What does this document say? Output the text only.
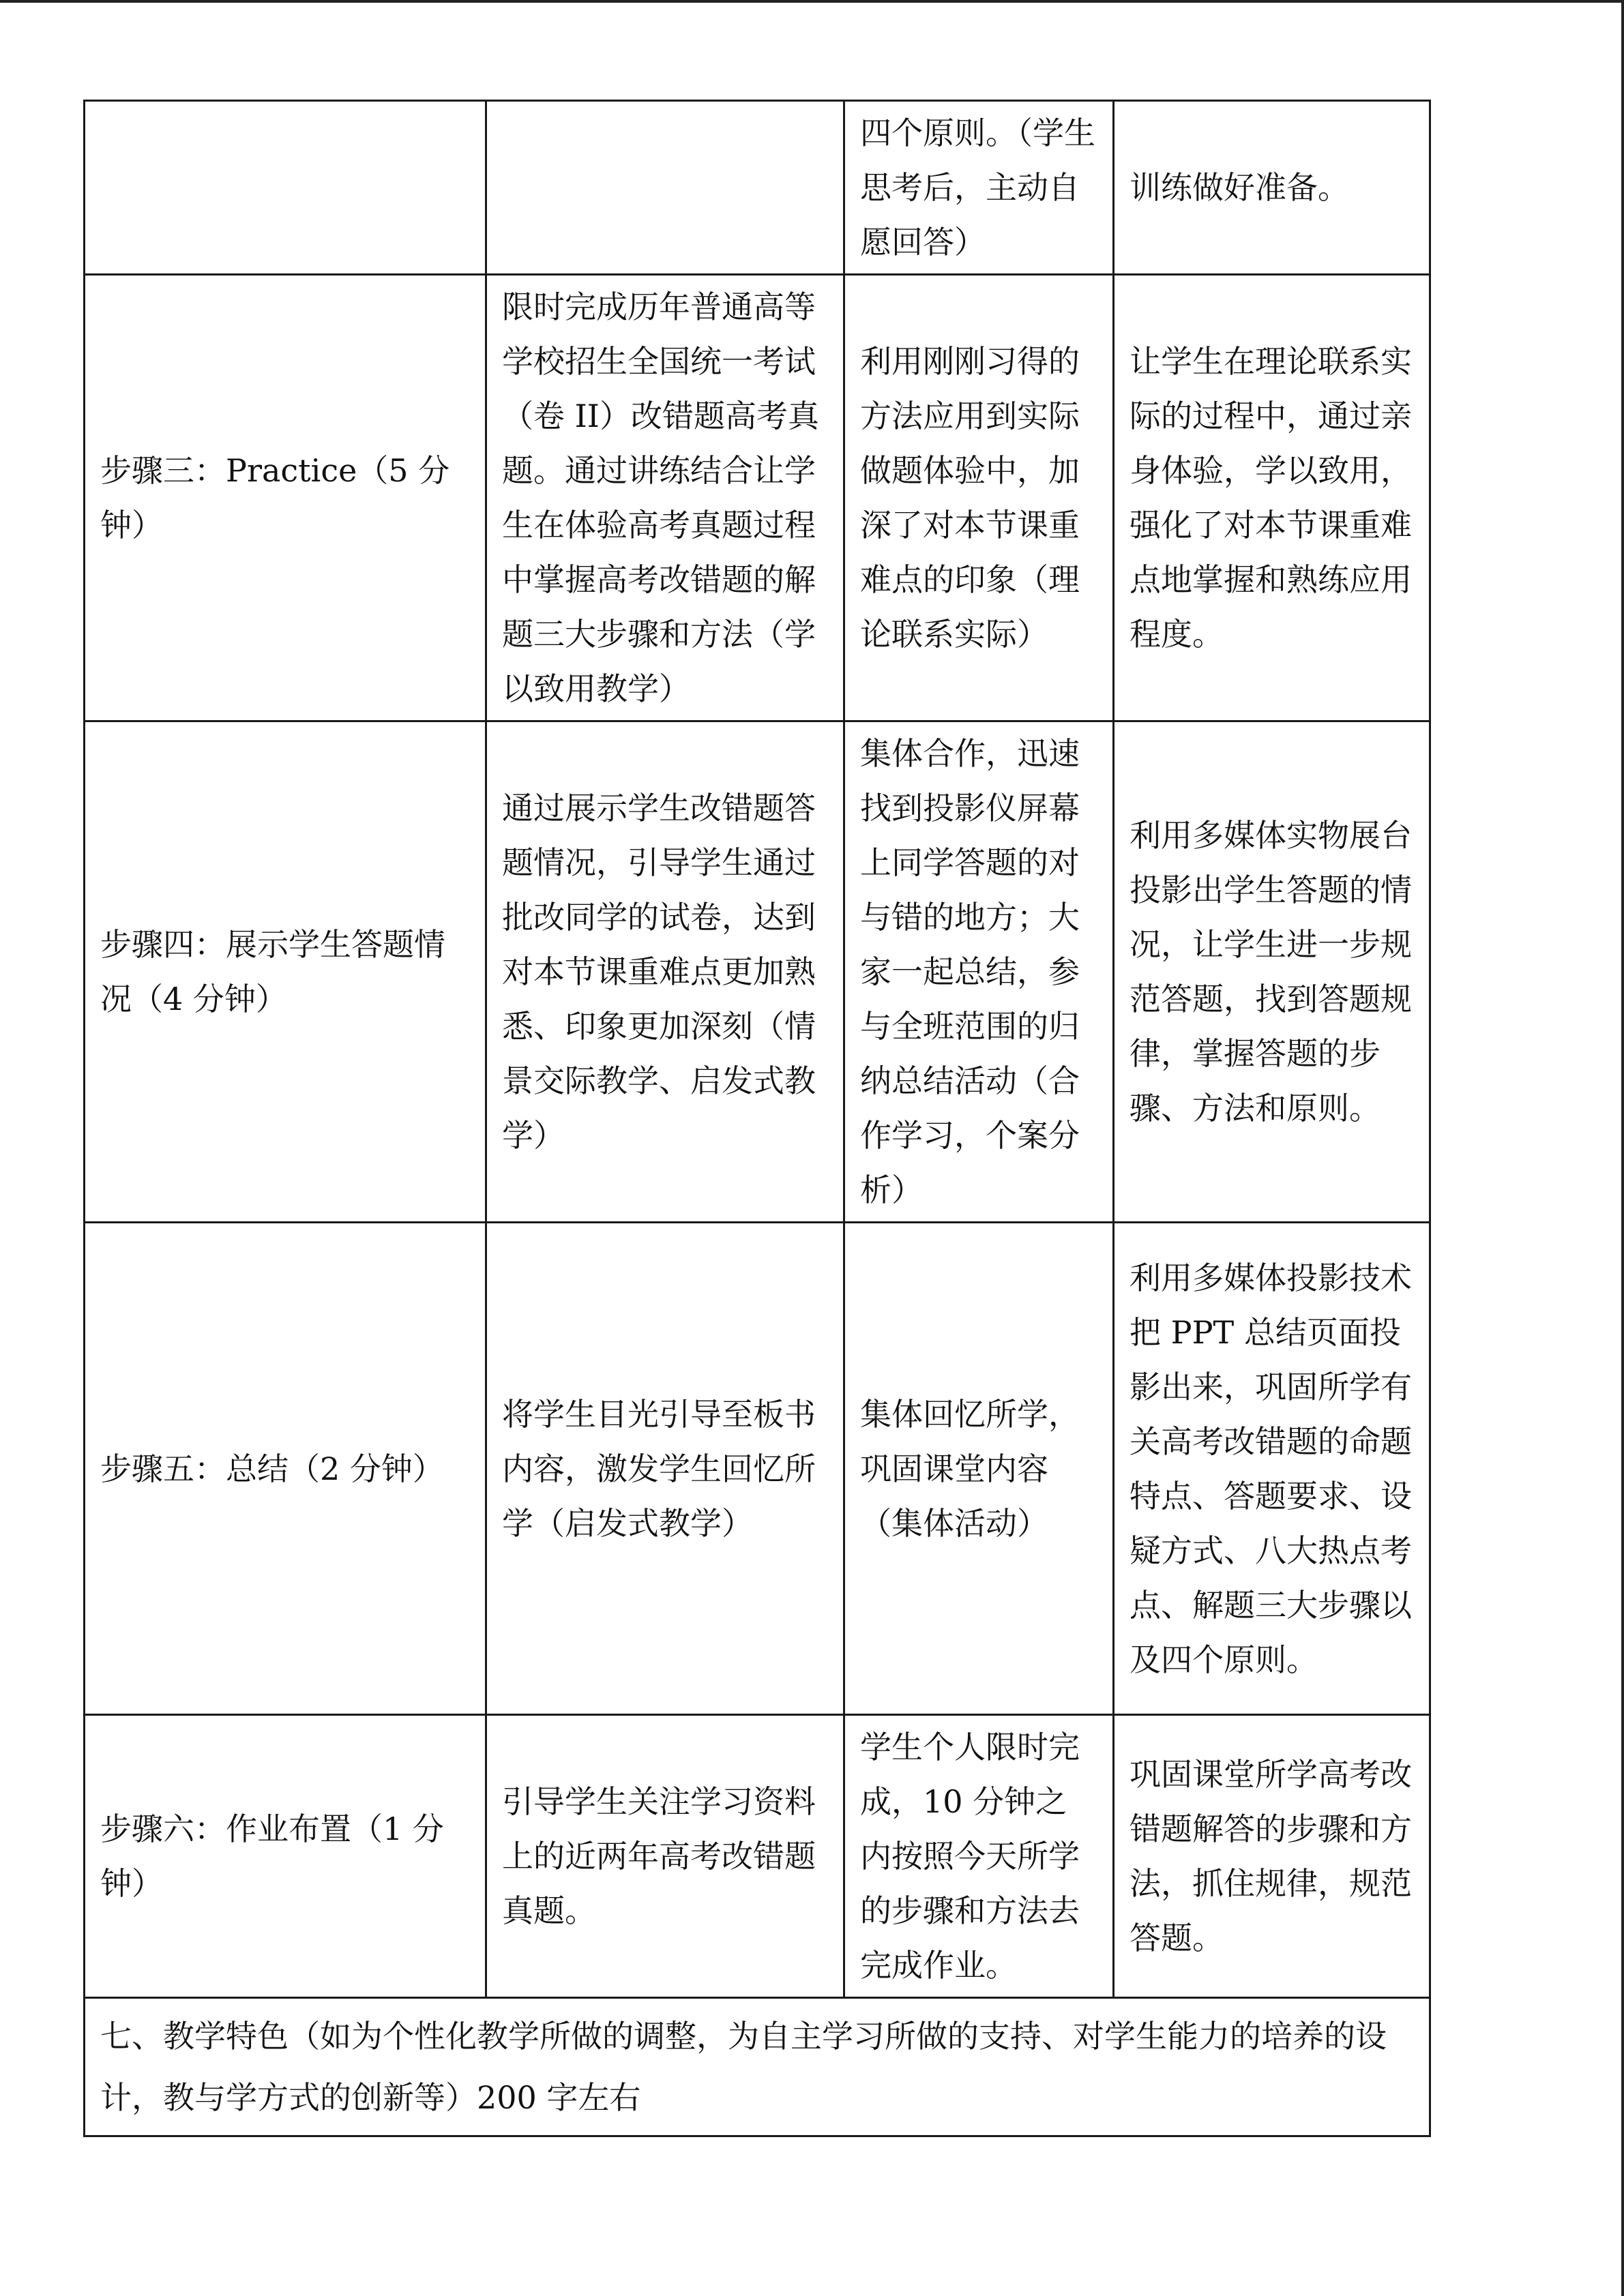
		四个原则。（学生思考后，主动自愿回答）	训练做好准备。
步骤三：Practice（5 分钟）	限时完成历年普通高等学校招生全国统一考试（卷 II）改错题高考真题。通过讲练结合让学生在体验高考真题过程中掌握高考改错题的解题三大步骤和方法（学以致用教学）	利用刚刚习得的方法应用到实际做题体验中，加深了对本节课重难点的印象（理论联系实际）	让学生在理论联系实际的过程中，通过亲身体验，学以致用，强化了对本节课重难点地掌握和熟练应用程度。
步骤四：展示学生答题情况（4 分钟）	通过展示学生改错题答题情况，引导学生通过批改同学的试卷，达到对本节课重难点更加熟悉、印象更加深刻（情景交际教学、启发式教学）	集体合作，迅速找到投影仪屏幕上同学答题的对与错的地方；大家一起总结，参与全班范围的归纳总结活动（合作学习，个案分析）	利用多媒体实物展台投影出学生答题的情况，让学生进一步规范答题，找到答题规律，掌握答题的步骤、方法和原则。
步骤五：总结（2 分钟）	将学生目光引导至板书内容，激发学生回忆所学（启发式教学）	集体回忆所学，巩固课堂内容（集体活动）	利用多媒体投影技术把 PPT 总结页面投影出来，巩固所学有关高考改错题的命题特点、答题要求、设疑方式、八大热点考点、解题三大步骤以及四个原则。
步骤六：作业布置（1 分钟）	引导学生关注学习资料上的近两年高考改错题真题。	学生个人限时完成，10 分钟之内按照今天所学的步骤和方法去完成作业。	巩固课堂所学高考改错题解答的步骤和方法，抓住规律，规范答题。
七、教学特色（如为个性化教学所做的调整，为自主学习所做的支持、对学生能力的培养的设计，教与学方式的创新等）200 字左右			
